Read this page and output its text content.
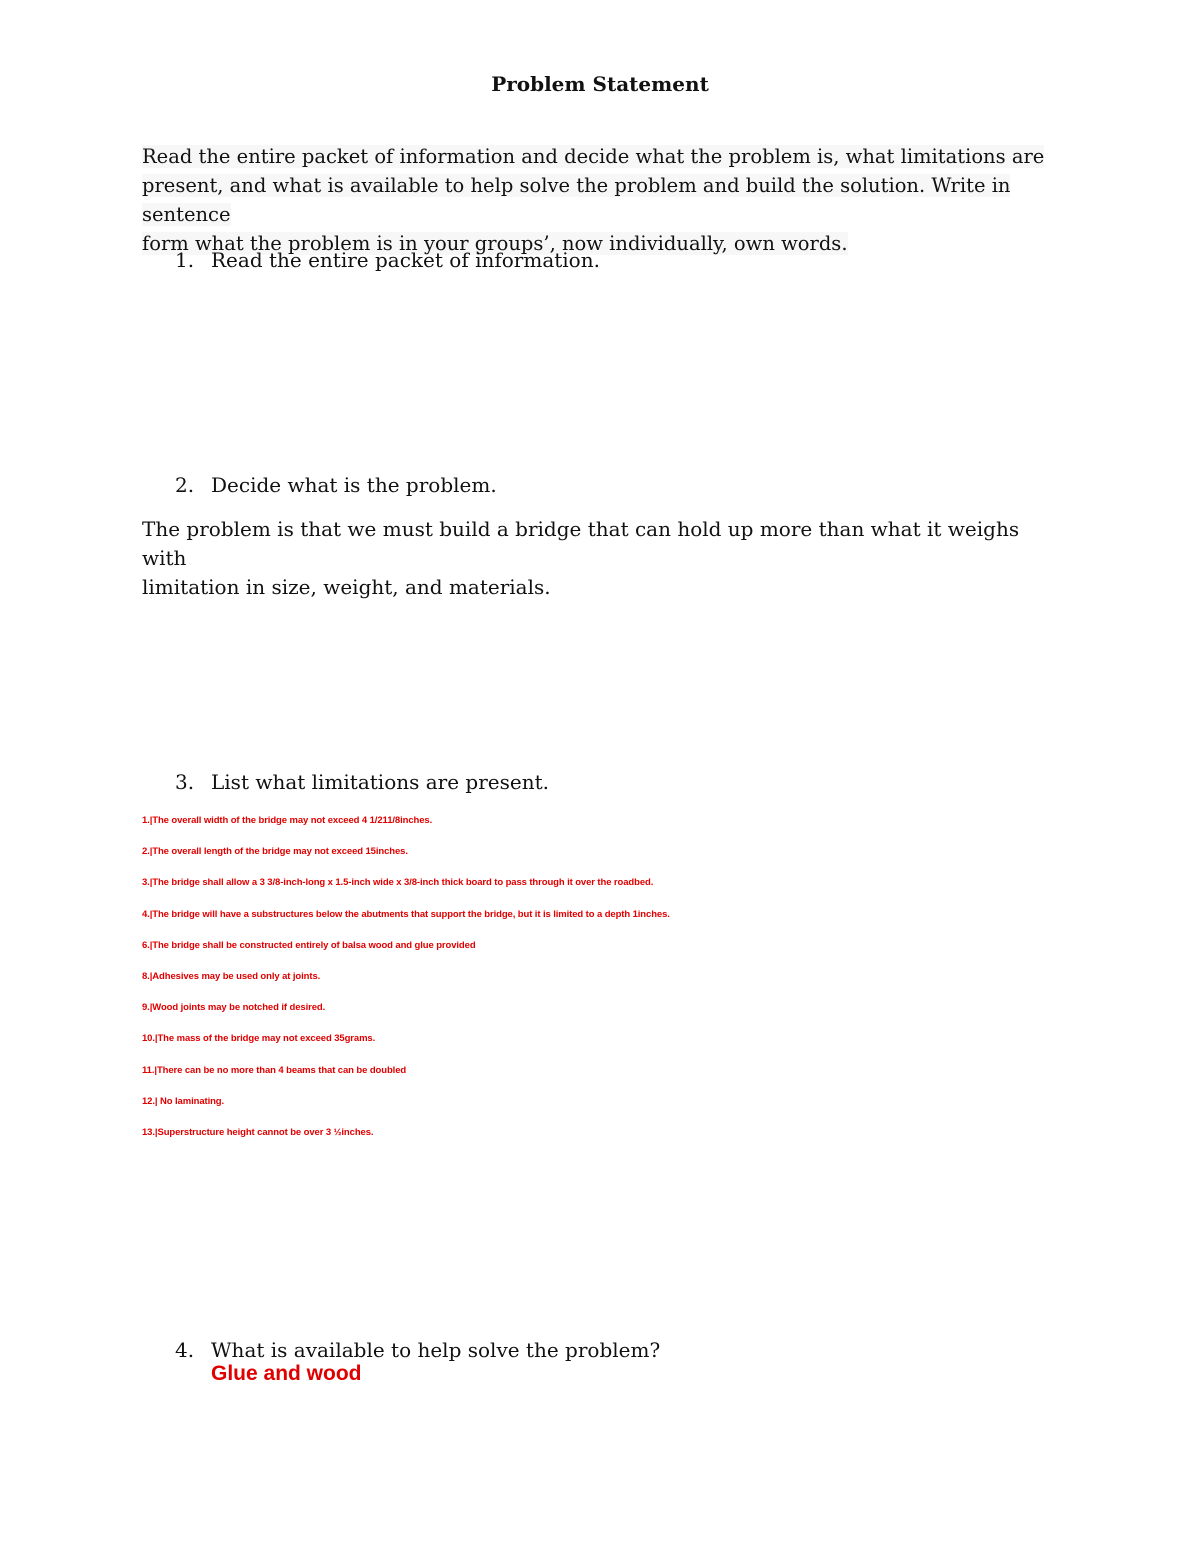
Problem Statement
Read the entire packet of information and decide what the problem is, what limitations are
present, and what is available to help solve the problem and build the solution. Write in sentence
form what the problem is in your groups’, now individually, own words.
1. Read the entire packet of information.
2. Decide what is the problem.
The problem is that we must build a bridge that can hold up more than what it weighs with
limitation in size, weight, and materials.
3. List what limitations are present.
1.|The overall width of the bridge may not exceed 4 1/211/8inches.
2.|The overall length of the bridge may not exceed 15inches.
3.|The bridge shall allow a 3 3/8-inch-long x 1.5-inch wide x 3/8-inch thick board to pass through it over the roadbed.
4.|The bridge will have a substructures below the abutments that support the bridge, but it is limited to a depth 1inches.
6.|The bridge shall be constructed entirely of balsa wood and glue provided
8.|Adhesives may be used only at joints.
9.|Wood joints may be notched if desired.
10.|The mass of the bridge may not exceed 35grams.
11.|There can be no more than 4 beams that can be doubled
12.| No laminating.
13.|Superstructure height cannot be over 3 ½inches.
4. What is available to help solve the problem?
Glue and wood
